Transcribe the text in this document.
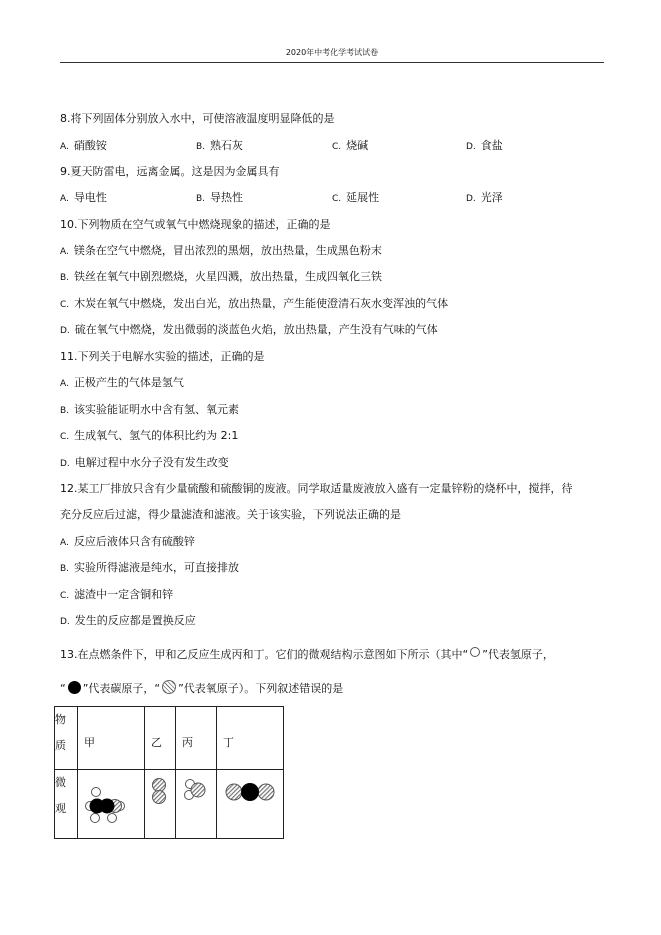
2020年中考化学考试试卷
8.将下列固体分别放入水中，可使溶液温度明显降低的是
A. 硝酸铵	B. 熟石灰	C. 烧碱	D. 食盐
9.夏天防雷电，远离金属。这是因为金属具有
A. 导电性	B. 导热性	C. 延展性	D. 光泽
10.下列物质在空气或氧气中燃烧现象的描述，正确的是
A. 镁条在空气中燃烧，冒出浓烈的黑烟，放出热量，生成黑色粉末
B. 铁丝在氧气中剧烈燃烧，火星四溅，放出热量，生成四氧化三铁
C. 木炭在氧气中燃烧，发出白光，放出热量，产生能使澄清石灰水变浑浊的气体
D. 硫在氧气中燃烧，发出微弱的淡蓝色火焰，放出热量，产生没有气味的气体
11.下列关于电解水实验的描述，正确的是
A. 正极产生的气体是氢气
B. 该实验能证明水中含有氢、氧元素
C. 生成氧气、氢气的体积比约为 2:1
D. 电解过程中水分子没有发生改变
12.某工厂排放只含有少量硫酸和硫酸铜的废液。同学取适量废液放入盛有一定量锌粉的烧杯中，搅拌，待
充分反应后过滤，得少量滤渣和滤液。关于该实验，下列说法正确的是
A. 反应后液体只含有硫酸锌
B. 实验所得滤液是纯水，可直接排放
C. 滤渣中一定含铜和锌
D. 发生的反应都是置换反应
13.在点燃条件下，甲和乙反应生成丙和丁。它们的微观结构示意图如下所示（其中“ ”代表氢原子，
“ ”代表碳原子，“ ”代表氧原子）。下列叙述错误的是
物质	甲	乙	丙	丁

微观
